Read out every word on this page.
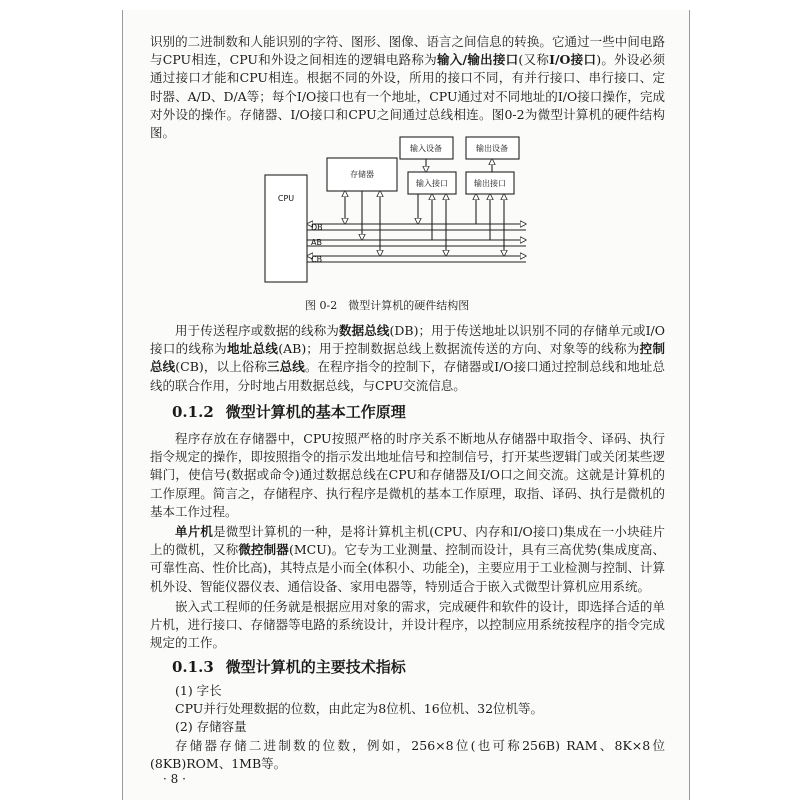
识别的二进制数和人能识别的字符、图形、图像、语言之间信息的转换。它通过一些中间电路与CPU相连，CPU和外设之间相连的逻辑电路称为输入/输出接口(又称I/O接口)。外设必须通过接口才能和CPU相连。根据不同的外设，所用的接口不同，有并行接口、串行接口、定时器、A/D、D/A等；每个I/O接口也有一个地址，CPU通过对不同地址的I/O接口操作，完成对外设的操作。存储器、I/O接口和CPU之间通过总线相连。图0-2为微型计算机的硬件结构图。

CPU
存储器
输入设备	输出设备
输入接口	输出接口
DB
AB
CB
图 0-2　微型计算机的硬件结构图

用于传送程序或数据的线称为数据总线(DB)；用于传送地址以识别不同的存储单元或I/O接口的线称为地址总线(AB)；用于控制数据总线上数据流传送的方向、对象等的线称为控制总线(CB)，以上俗称三总线。在程序指令的控制下，存储器或I/O接口通过控制总线和地址总线的联合作用，分时地占用数据总线，与CPU交流信息。

0.1.2 微型计算机的基本工作原理

程序存放在存储器中，CPU按照严格的时序关系不断地从存储器中取指令、译码、执行指令规定的操作，即按照指令的指示发出地址信号和控制信号，打开某些逻辑门或关闭某些逻辑门，使信号(数据或命令)通过数据总线在CPU和存储器及I/O口之间交流。这就是计算机的工作原理。简言之，存储程序、执行程序是微机的基本工作原理，取指、译码、执行是微机的基本工作过程。

单片机是微型计算机的一种，是将计算机主机(CPU、内存和I/O接口)集成在一小块硅片上的微机，又称微控制器(MCU)。它专为工业测量、控制而设计，具有三高优势(集成度高、可靠性高、性价比高)，其特点是小而全(体积小、功能全)，主要应用于工业检测与控制、计算机外设、智能仪器仪表、通信设备、家用电器等，特别适合于嵌入式微型计算机应用系统。

嵌入式工程师的任务就是根据应用对象的需求，完成硬件和软件的设计，即选择合适的单片机，进行接口、存储器等电路的系统设计，并设计程序，以控制应用系统按程序的指令完成规定的工作。

0.1.3 微型计算机的主要技术指标

(1) 字长

CPU并行处理数据的位数，由此定为8位机、16位机、32位机等。

(2) 存储容量

存储器存储二进制数的位数，例如，256×8位(也可称256B) RAM、8K×8位(8KB)ROM、1MB等。

· 8 ·
